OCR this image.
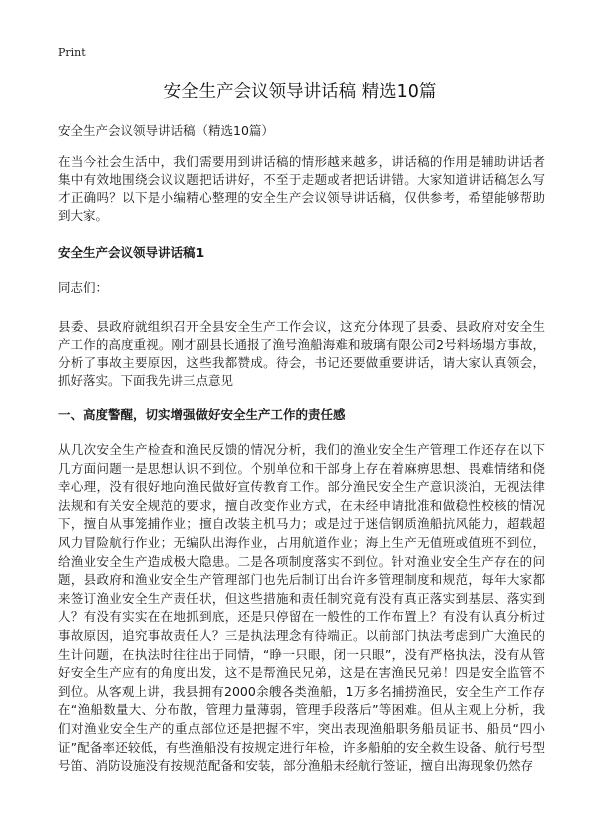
Print
安全生产会议领导讲话稿 精选10篇
安全生产会议领导讲话稿（精选10篇）

在当今社会生活中，我们需要用到讲话稿的情形越来越多，讲话稿的作用是辅助讲话者集中有效地围绕会议议题把话讲好，不至于走题或者把话讲错。大家知道讲话稿怎么写才正确吗？以下是小编精心整理的安全生产会议领导讲话稿，仅供参考，希望能够帮助到大家。

安全生产会议领导讲话稿1

同志们：

县委、县政府就组织召开全县安全生产工作会议，这充分体现了县委、县政府对安全生产工作的高度重视。刚才副县长通报了渔号渔船海难和玻璃有限公司2号料场塌方事故，分析了事故主要原因，这些我都赞成。待会，书记还要做重要讲话，请大家认真领会，抓好落实。下面我先讲三点意见

一、高度警醒，切实增强做好安全生产工作的责任感

从几次安全生产检查和渔民反馈的情况分析，我们的渔业安全生产管理工作还存在以下几方面问题一是思想认识不到位。个别单位和干部身上存在着麻痹思想、畏难情绪和侥幸心理，没有很好地向渔民做好宣传教育工作。部分渔民安全生产意识淡泊，无视法律法规和有关安全规范的要求，擅自改变作业方式，在未经申请批准和做稳性校核的情况下，擅自从事笼捕作业；擅自改装主机马力；或是过于迷信钢质渔船抗风能力，超载超风力冒险航行作业；无编队出海作业，占用航道作业；海上生产无值班或值班不到位，给渔业安全生产造成极大隐患。二是各项制度落实不到位。针对渔业安全生产存在的问题，县政府和渔业安全生产管理部门也先后制订出台许多管理制度和规范，每年大家都来签订渔业安全生产责任状，但这些措施和责任制究竟有没有真正落实到基层、落实到人？有没有实实在在地抓到底，还是只停留在一般性的工作布置上？有没有认真分析过事故原因，追究事故责任人？三是执法理念有待端正。以前部门执法考虑到广大渔民的生计问题，在执法时往往出于同情，“睁一只眼，闭一只眼”，没有严格执法，没有从管好安全生产应有的角度出发，这不是帮渔民兄弟，这是在害渔民兄弟！四是安全监管不到位。从客观上讲，我县拥有2000余艘各类渔船，1万多名捕捞渔民，安全生产工作存在“渔船数量大、分布散，管理力量薄弱，管理手段落后”等困难。但从主观上分析，我们对渔业安全生产的重点部位还是把握不牢，突出表现渔船职务船员证书、船员“四小证”配备率还较低，有些渔船没有按规定进行年检，许多船舶的安全救生设备、航行号型号笛、消防设施没有按规范配备和安装，部分渔船未经航行签证，擅自出海现象仍然存
